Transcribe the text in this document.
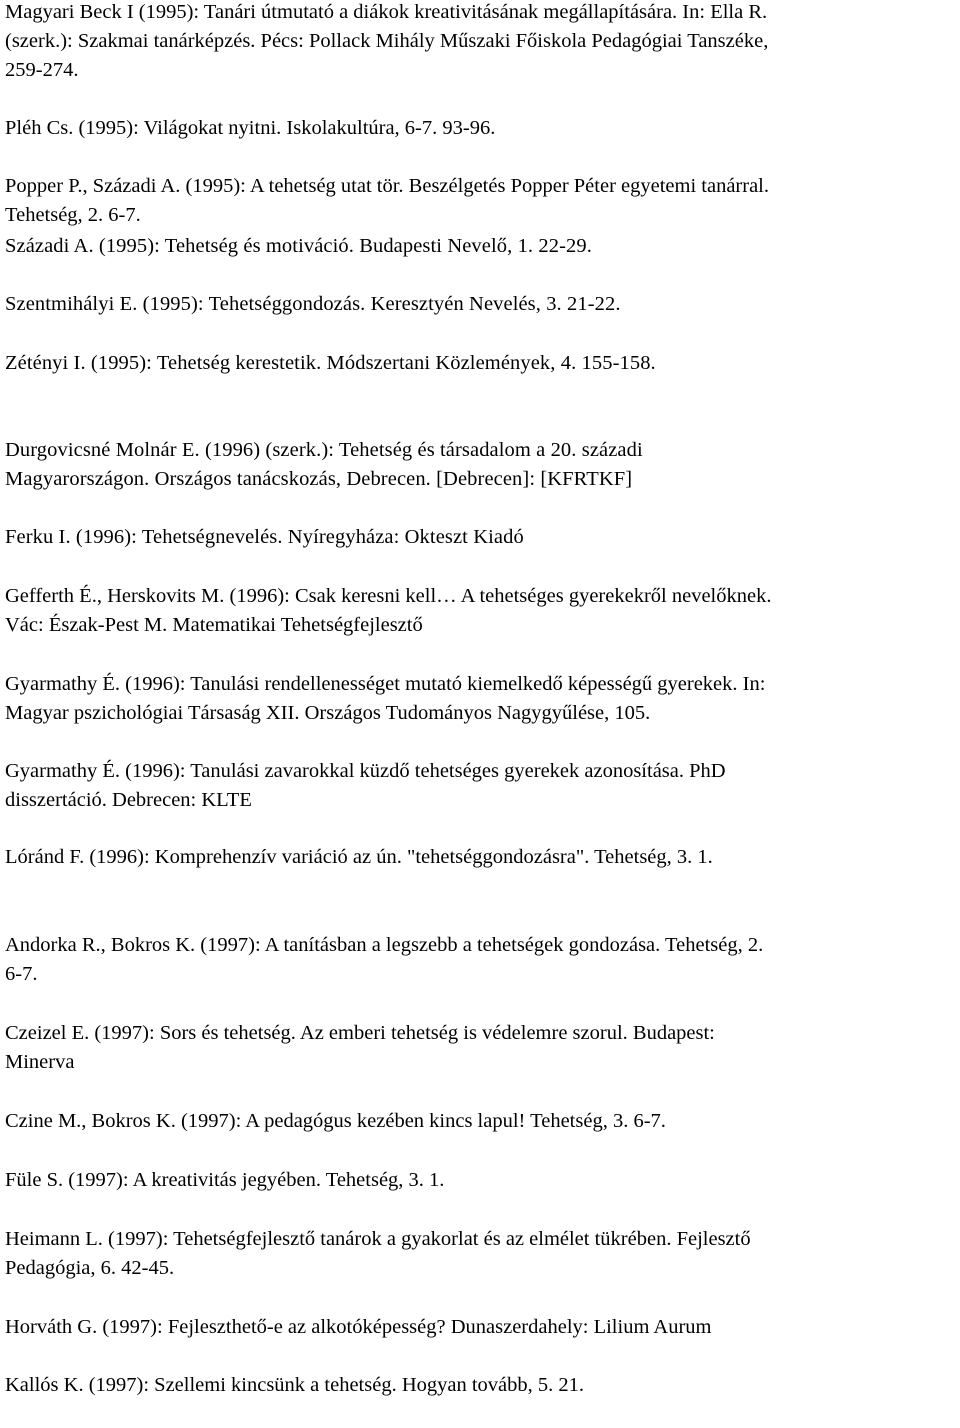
Magyari Beck I (1995): Tanári útmutató a diákok kreativitásának megállapítására. In: Ella R.
(szerk.): Szakmai tanárképzés. Pécs: Pollack Mihály Műszaki Főiskola Pedagógiai Tanszéke,
259-274.

Pléh Cs. (1995): Világokat nyitni. Iskolakultúra, 6-7. 93-96.

Popper P., Századi A. (1995): A tehetség utat tör. Beszélgetés Popper Péter egyetemi tanárral.
Tehetség, 2. 6-7.

Századi A. (1995): Tehetség és motiváció. Budapesti Nevelő, 1. 22-29.

Szentmihályi E. (1995): Tehetséggondozás. Keresztyén Nevelés, 3. 21-22.

Zétényi I. (1995): Tehetség kerestetik. Módszertani Közlemények, 4. 155-158.

Durgovicsné Molnár E. (1996) (szerk.): Tehetség és társadalom a 20. századi
Magyarországon. Országos tanácskozás, Debrecen. [Debrecen]: [KFRTKF]

Ferku I. (1996): Tehetségnevelés. Nyíregyháza: Okteszt Kiadó

Gefferth É., Herskovits M. (1996): Csak keresni kell… A tehetséges gyerekekről nevelőknek.
Vác: Észak-Pest M. Matematikai Tehetségfejlesztő

Gyarmathy É. (1996): Tanulási rendellenességet mutató kiemelkedő képességű gyerekek. In:
Magyar pszichológiai Társaság XII. Országos Tudományos Nagygyűlése, 105.

Gyarmathy É. (1996): Tanulási zavarokkal küzdő tehetséges gyerekek azonosítása. PhD
disszertáció. Debrecen: KLTE

Lóránd F. (1996): Komprehenzív variáció az ún. "tehetséggondozásra". Tehetség, 3. 1.

Andorka R., Bokros K. (1997): A tanításban a legszebb a tehetségek gondozása. Tehetség, 2.
6-7.

Czeizel E. (1997): Sors és tehetség. Az emberi tehetség is védelemre szorul. Budapest:
Minerva

Czine M., Bokros K. (1997): A pedagógus kezében kincs lapul! Tehetség, 3. 6-7.

Füle S. (1997): A kreativitás jegyében. Tehetség, 3. 1.

Heimann L. (1997): Tehetségfejlesztő tanárok a gyakorlat és az elmélet tükrében. Fejlesztő
Pedagógia, 6. 42-45.

Horváth G. (1997): Fejleszthető-e az alkotóképesség? Dunaszerdahely: Lilium Aurum

Kallós K. (1997): Szellemi kincsünk a tehetség. Hogyan tovább, 5. 21.
